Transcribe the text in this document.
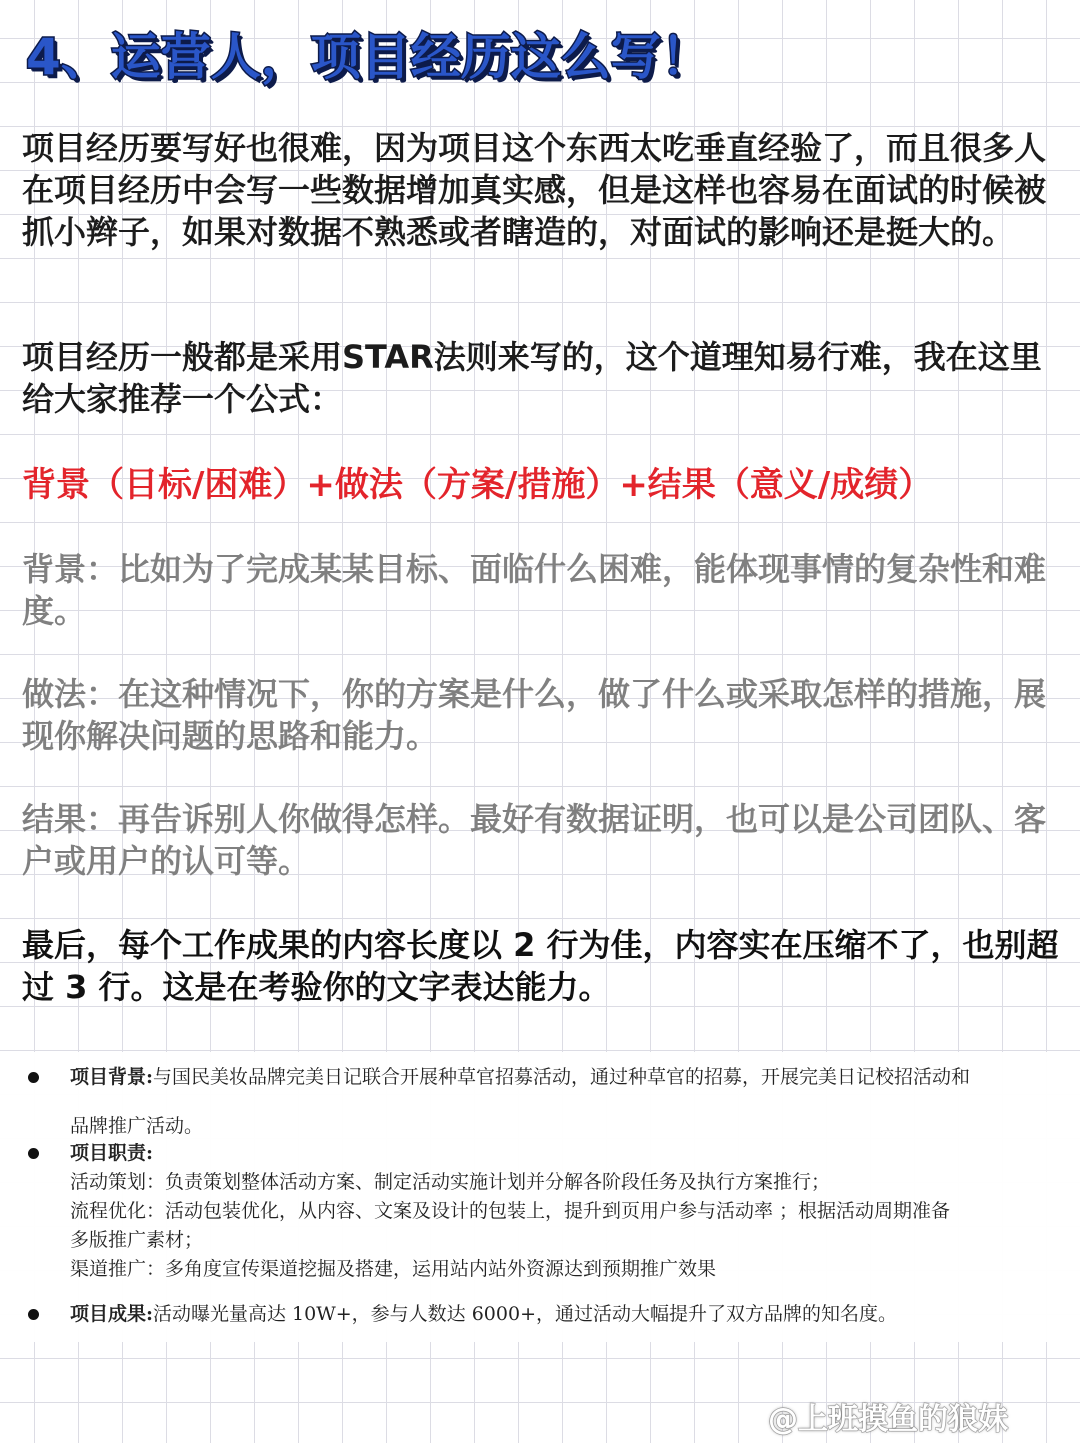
4、运营人，项目经历这么写！

项目经历要写好也很难，因为项目这个东西太吃垂直经验了，而且很多人在项目经历中会写一些数据增加真实感，但是这样也容易在面试的时候被抓小辫子，如果对数据不熟悉或者瞎造的，对面试的影响还是挺大的。

项目经历一般都是采用STAR法则来写的，这个道理知易行难，我在这里给大家推荐一个公式：

背景（目标/困难）+做法（方案/措施）+结果（意义/成绩）

背景：比如为了完成某某目标、面临什么困难，能体现事情的复杂性和难度。

做法：在这种情况下，你的方案是什么，做了什么或采取怎样的措施，展现你解决问题的思路和能力。

结果：再告诉别人你做得怎样。最好有数据证明，也可以是公司团队、客户或用户的认可等。

最后，每个工作成果的内容长度以 2 行为佳，内容实在压缩不了，也别超过 3 行。这是在考验你的文字表达能力。

项目背景:与国民美妆品牌完美日记联合开展种草官招募活动，通过种草官的招募，开展完美日记校招活动和

品牌推广活动。

项目职责:

活动策划：负责策划整体活动方案、制定活动实施计划并分解各阶段任务及执行方案推行；

流程优化：活动包装优化，从内容、文案及设计的包装上，提升到页用户参与活动率 ；根据活动周期准备

多版推广素材；

渠道推广：多角度宣传渠道挖掘及搭建，运用站内站外资源达到预期推广效果

项目成果:活动曝光量高达 10W+，参与人数达 6000+，通过活动大幅提升了双方品牌的知名度。

@上班摸鱼的狼妹
